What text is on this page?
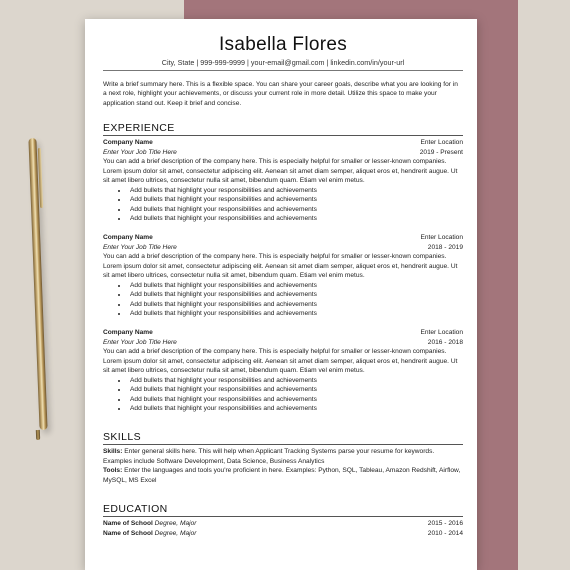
Isabella Flores
City, State | 999-999-9999 | your-email@gmail.com | linkedin.com/in/your-url
Write a brief summary here. This is a flexible space. You can share your career goals, describe what you are looking for in a next role, highlight your achievements, or discuss your current role in more detail. Utilize this space to make your application stand out. Keep it brief and concise.
EXPERIENCE
Company Name	Enter Location
Enter Your Job Title Here	2019 - Present

You can add a brief description of the company here. This is especially helpful for smaller or lesser-known companies. Lorem ipsum dolor sit amet, consectetur adipiscing elit. Aenean sit amet diam semper, aliquet eros et, hendrerit augue. Ut sit amet libero ultrices, consectetur nulla sit amet, bibendum quam. Etiam vel enim metus.

• Add bullets that highlight your responsibilities and achievements
• Add bullets that highlight your responsibilities and achievements
• Add bullets that highlight your responsibilities and achievements
• Add bullets that highlight your responsibilities and achievements
Company Name	Enter Location
Enter Your Job Title Here	2018 - 2019

You can add a brief description of the company here. This is especially helpful for smaller or lesser-known companies. Lorem ipsum dolor sit amet, consectetur adipiscing elit. Aenean sit amet diam semper, aliquet eros et, hendrerit augue. Ut sit amet libero ultrices, consectetur nulla sit amet, bibendum quam. Etiam vel enim metus.

• Add bullets that highlight your responsibilities and achievements
• Add bullets that highlight your responsibilities and achievements
• Add bullets that highlight your responsibilities and achievements
• Add bullets that highlight your responsibilities and achievements
Company Name	Enter Location
Enter Your Job Title Here	2016 - 2018

You can add a brief description of the company here. This is especially helpful for smaller or lesser-known companies. Lorem ipsum dolor sit amet, consectetur adipiscing elit. Aenean sit amet diam semper, aliquet eros et, hendrerit augue. Ut sit amet libero ultrices, consectetur nulla sit amet, bibendum quam. Etiam vel enim metus.

• Add bullets that highlight your responsibilities and achievements
• Add bullets that highlight your responsibilities and achievements
• Add bullets that highlight your responsibilities and achievements
• Add bullets that highlight your responsibilities and achievements
SKILLS
Skills: Enter general skills here. This will help when Applicant Tracking Systems parse your resume for keywords. Examples include Software Development, Data Science, Business Analytics
Tools: Enter the languages and tools you're proficient in here. Examples: Python, SQL, Tableau, Amazon Redshift, Airflow, MySQL, MS Excel
EDUCATION
Name of School Degree, Major	2015 - 2016
Name of School Degree, Major	2010 - 2014
